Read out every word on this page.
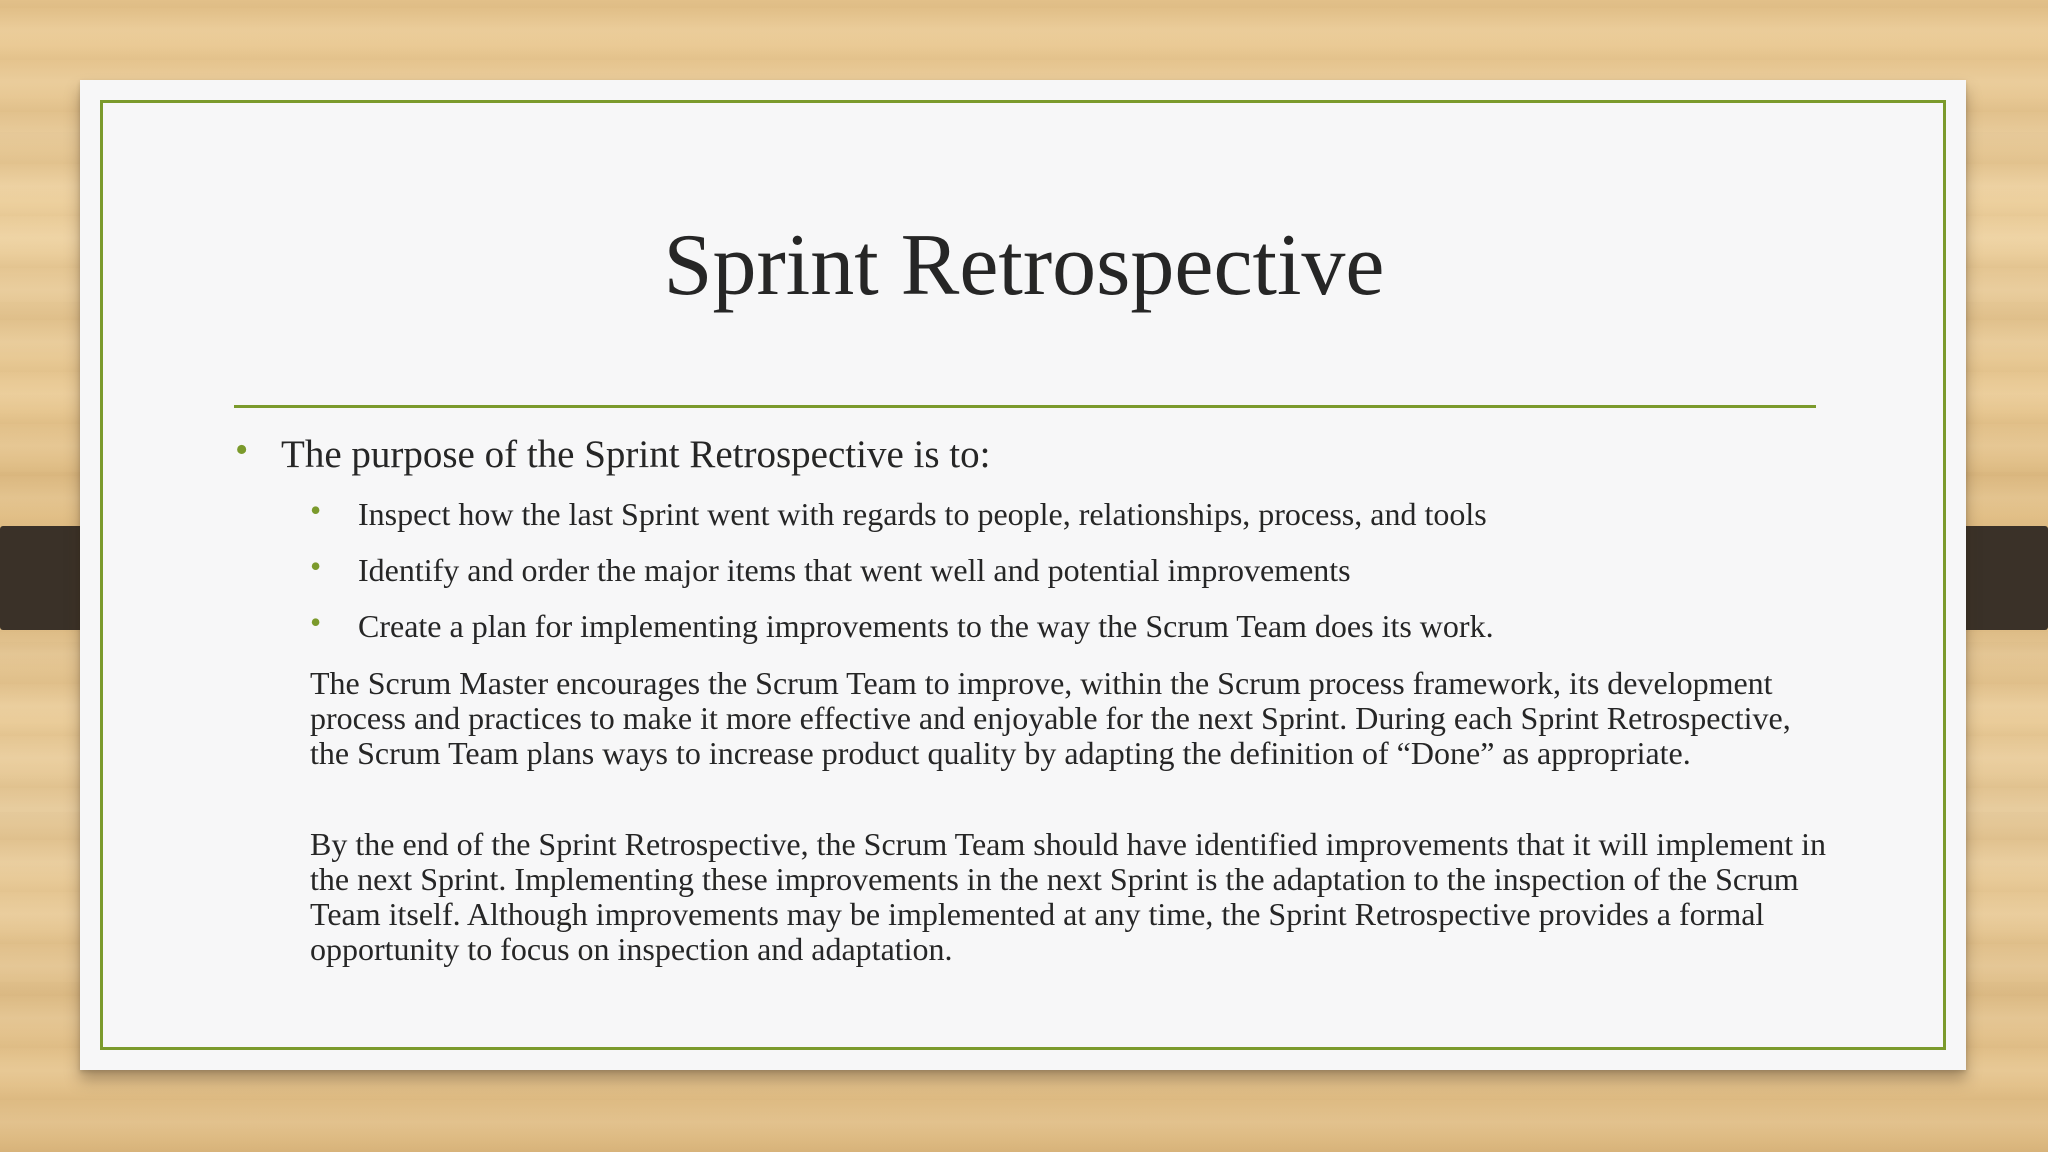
Sprint Retrospective
• The purpose of the Sprint Retrospective is to:
• Inspect how the last Sprint went with regards to people, relationships, process, and tools
• Identify and order the major items that went well and potential improvements
• Create a plan for implementing improvements to the way the Scrum Team does its work.

The Scrum Master encourages the Scrum Team to improve, within the Scrum process framework, its development process and practices to make it more effective and enjoyable for the next Sprint. During each Sprint Retrospective, the Scrum Team plans ways to increase product quality by adapting the definition of “Done” as appropriate.

By the end of the Sprint Retrospective, the Scrum Team should have identified improvements that it will implement in the next Sprint. Implementing these improvements in the next Sprint is the adaptation to the inspection of the Scrum Team itself. Although improvements may be implemented at any time, the Sprint Retrospective provides a formal opportunity to focus on inspection and adaptation.
